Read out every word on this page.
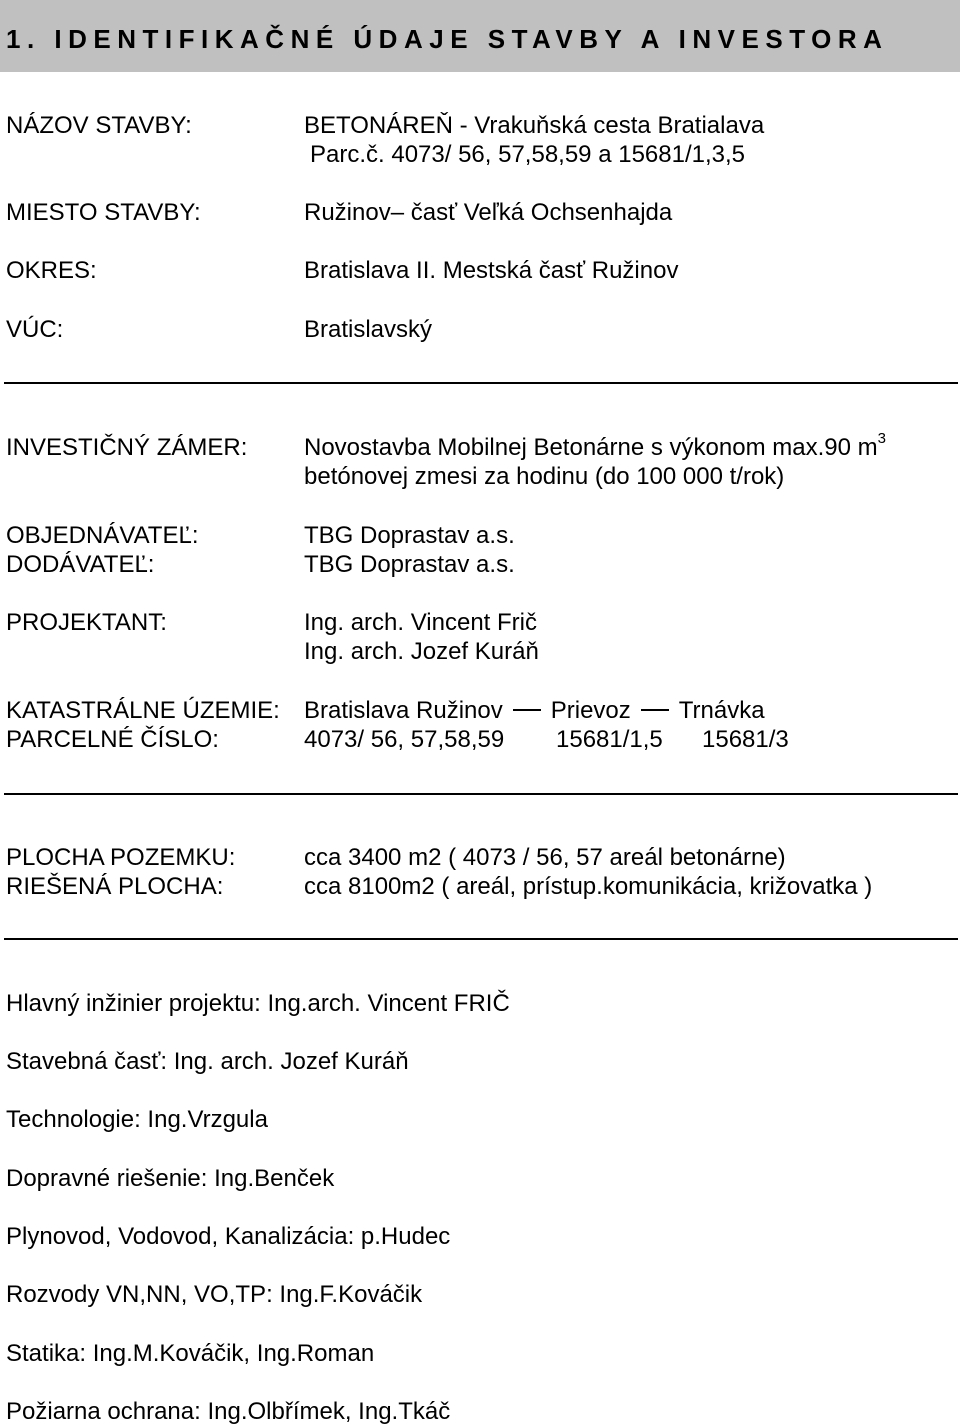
1. IDENTIFIKAČNÉ ÚDAJE STAVBY A INVESTORA
NÁZOV STAVBY:	BETONÁREŇ - Vrakuňská cesta Bratialava
Parc.č. 4073/ 56, 57,58,59 a 15681/1,3,5
MIESTO STAVBY:	Ružinov– časť Veľká Ochsenhajda
OKRES:	Bratislava II. Mestská časť Ružinov
VÚC:	Bratislavský
INVESTIČNÝ ZÁMER: Novostavba Mobilnej Betonárne s výkonom max.90 $m^3$
betónovej zmesi za hodinu (do 100 000 t/rok)
OBJEDNÁVATEĽ:	TBG Doprastav a.s.
DODÁVATEĽ:	TBG Doprastav a.s.
PROJEKTANT:	Ing. arch. Vincent Frič
Ing. arch. Jozef Kuráň
KATASTRÁLNE ÚZEMIE: Bratislava Ružinov Prievoz Trnávka
PARCELNÉ ČÍSLO:	4073/ 56, 57,58,59 15681/1,5 15681/3
PLOCHA POZEMKU:	cca 3400 m2 ( 4073 / 56, 57 areál betonárne)
RIEŠENÁ PLOCHA:	cca 8100m2 ( areál, prístup.komunikácia, križovatka )
Hlavný inžinier projektu: Ing.arch. Vincent FRIČ
Stavebná časť: Ing. arch. Jozef Kuráň
Technologie: Ing.Vrzgula
Dopravné riešenie: Ing.Benček
Plynovod, Vodovod, Kanalizácia: p.Hudec
Rozvody VN,NN, VO,TP: Ing.F.Kováčik
Statika: Ing.M.Kováčik, Ing.Roman
Požiarna ochrana: Ing.Olbřímek, Ing.Tkáč
